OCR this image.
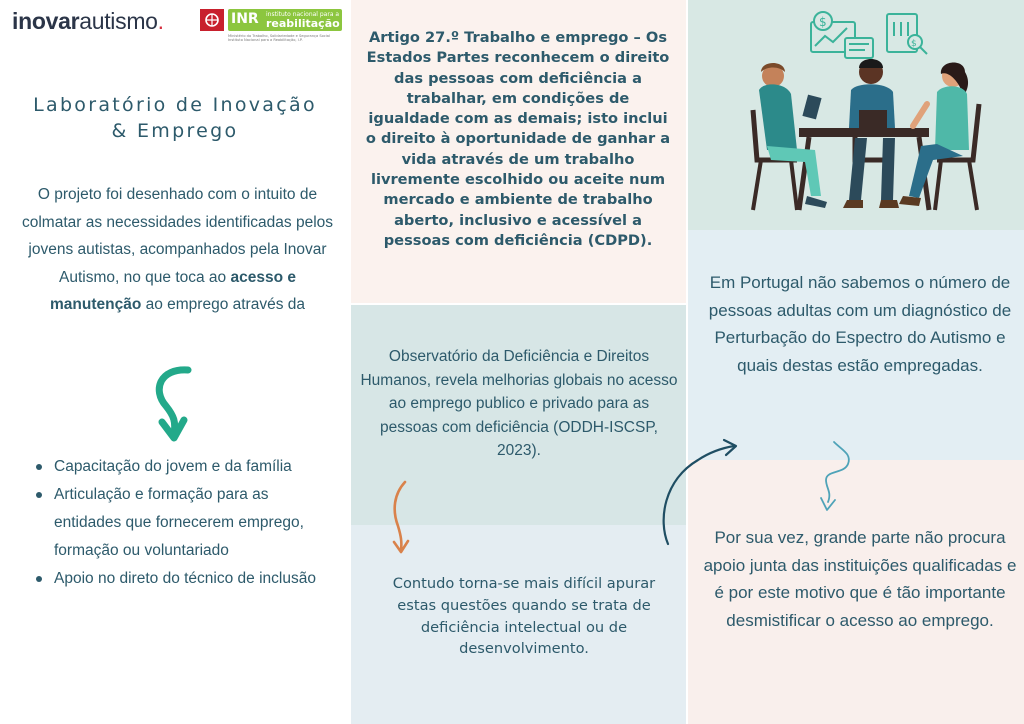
inovarautismo.	INR instituto nacional para a
reabilitação
Ministério do Trabalho, Solidariedade e Segurança Social Instituto Nacional para a Reabilitação, I.P.
Laboratório de Inovação
& Emprego
O projeto foi desenhado com o intuito de colmatar as necessidades identificadas pelos jovens autistas, acompanhados pela Inovar Autismo, no que toca ao acesso e manutenção ao emprego através da
Capacitação do jovem e da família
Articulação e formação para as entidades que fornecerem emprego, formação ou voluntariado
Apoio no direto do técnico de inclusão
Artigo 27.º Trabalho e emprego – Os Estados Partes reconhecem o direito das pessoas com deficiência a trabalhar, em condições de igualdade com as demais; isto inclui o direito à oportunidade de ganhar a vida através de um trabalho livremente escolhido ou aceite num mercado e ambiente de trabalho aberto, inclusivo e acessível a pessoas com deficiência (CDPD).
Observatório da Deficiência e Direitos Humanos, revela melhorias globais no acesso ao emprego publico e privado para as pessoas com deficiência (ODDH-ISCSP, 2023).
Contudo torna-se mais difícil apurar estas questões quando se trata de deficiência intelectual ou de desenvolvimento.
Em Portugal não sabemos o número de pessoas adultas com um diagnóstico de Perturbação do Espectro do Autismo e quais destas estão empregadas.
Por sua vez, grande parte não procura apoio junta das instituições qualificadas e é por este motivo que é tão importante desmistificar o acesso ao emprego.
$
$
